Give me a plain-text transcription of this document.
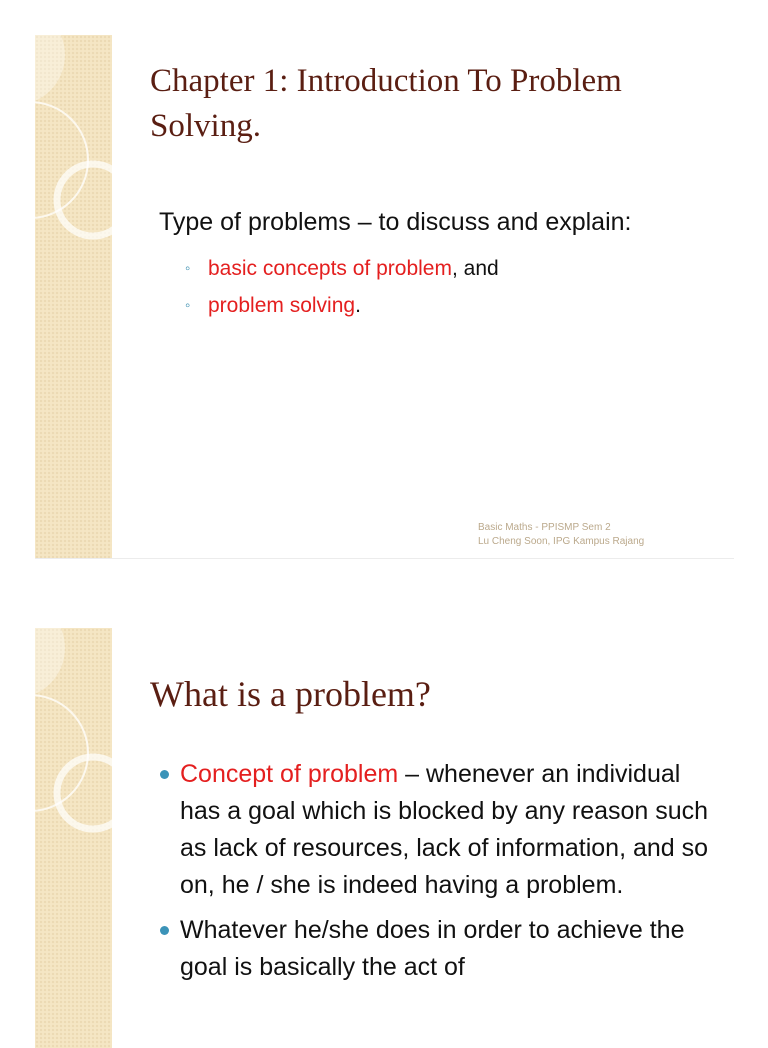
Chapter 1: Introduction To Problem Solving.
Type of problems – to discuss and explain:
◦ basic concepts of problem, and
◦ problem solving.
Basic Maths - PPISMP Sem 2
Lu Cheng Soon, IPG Kampus Rajang
What is a problem?
Concept of problem – whenever an individual has a goal which is blocked by any reason such as lack of resources, lack of information, and so on, he / she is indeed having a problem.
Whatever he/she does in order to achieve the goal is basically the act of
